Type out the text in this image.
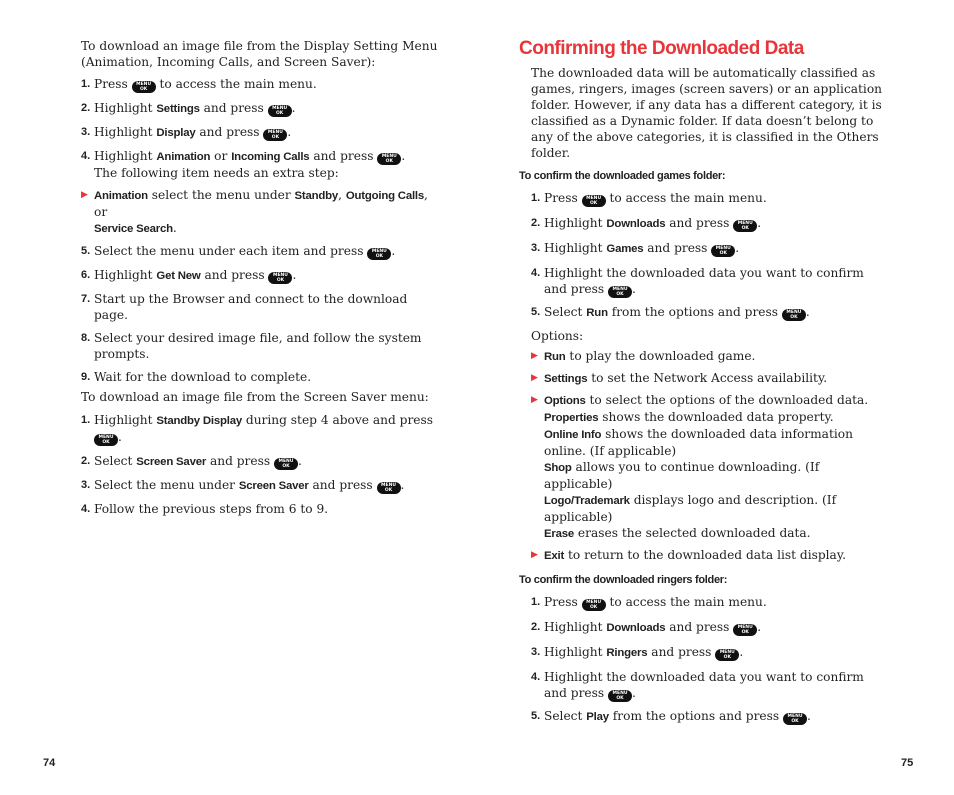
To download an image file from the Display Setting Menu (Animation, Incoming Calls, and Screen Saver):
1. Press	MENU
OK	to access the main menu.
2. Highlight Settings and press	MENU
OK .
3. Highlight Display and press	MENU
OK .
4. Highlight Animation or Incoming Calls and press	MENU
OK .
The following item needs an extra step:
▶ Animation select the menu under Standby, Outgoing Calls, or
Service Search.
5. Select the menu under each item and press	MENU
OK .
6. Highlight Get New and press	MENU
OK .
7. Start up the Browser and connect to the download page.
8. Select your desired image file, and follow the system prompts.
9. Wait for the download to complete.
To download an image file from the Screen Saver menu:
1. Highlight Standby Display during step 4 above and press
MENU
OK .
2. Select Screen Saver and press	MENU
OK .
3. Select the menu under Screen Saver and press	MENU
OK .
4. Follow the previous steps from 6 to 9.
74
Confirming the Downloaded Data
The downloaded data will be automatically classified as games, ringers, images (screen savers) or an application folder. However, if any data has a different category, it is classified as a Dynamic folder. If data doesn’t belong to any of the above categories, it is classified in the Others folder.
To confirm the downloaded games folder:
1. Press	MENU
OK	to access the main menu.
2. Highlight Downloads and press	MENU
OK .
3. Highlight Games and press	MENU
OK .
4. Highlight the downloaded data you want to confirm and press	MENU
OK .
5. Select Run from the options and press	MENU
OK .
Options:
▶ Run to play the downloaded game.
▶ Settings to set the Network Access availability.
▶ Options to select the options of the downloaded data.
Properties shows the downloaded data property.
Online Info shows the downloaded data information online. (If applicable)
Shop allows you to continue downloading. (If applicable)
Logo/Trademark displays logo and description. (If applicable)
Erase erases the selected downloaded data.
▶ Exit to return to the downloaded data list display.
To confirm the downloaded ringers folder:
1. Press	MENU
OK	to access the main menu.
2. Highlight Downloads and press	MENU
OK .
3. Highlight Ringers and press	MENU
OK .
4. Highlight the downloaded data you want to confirm and press	MENU
OK .
5. Select Play from the options and press	MENU
OK .
75
